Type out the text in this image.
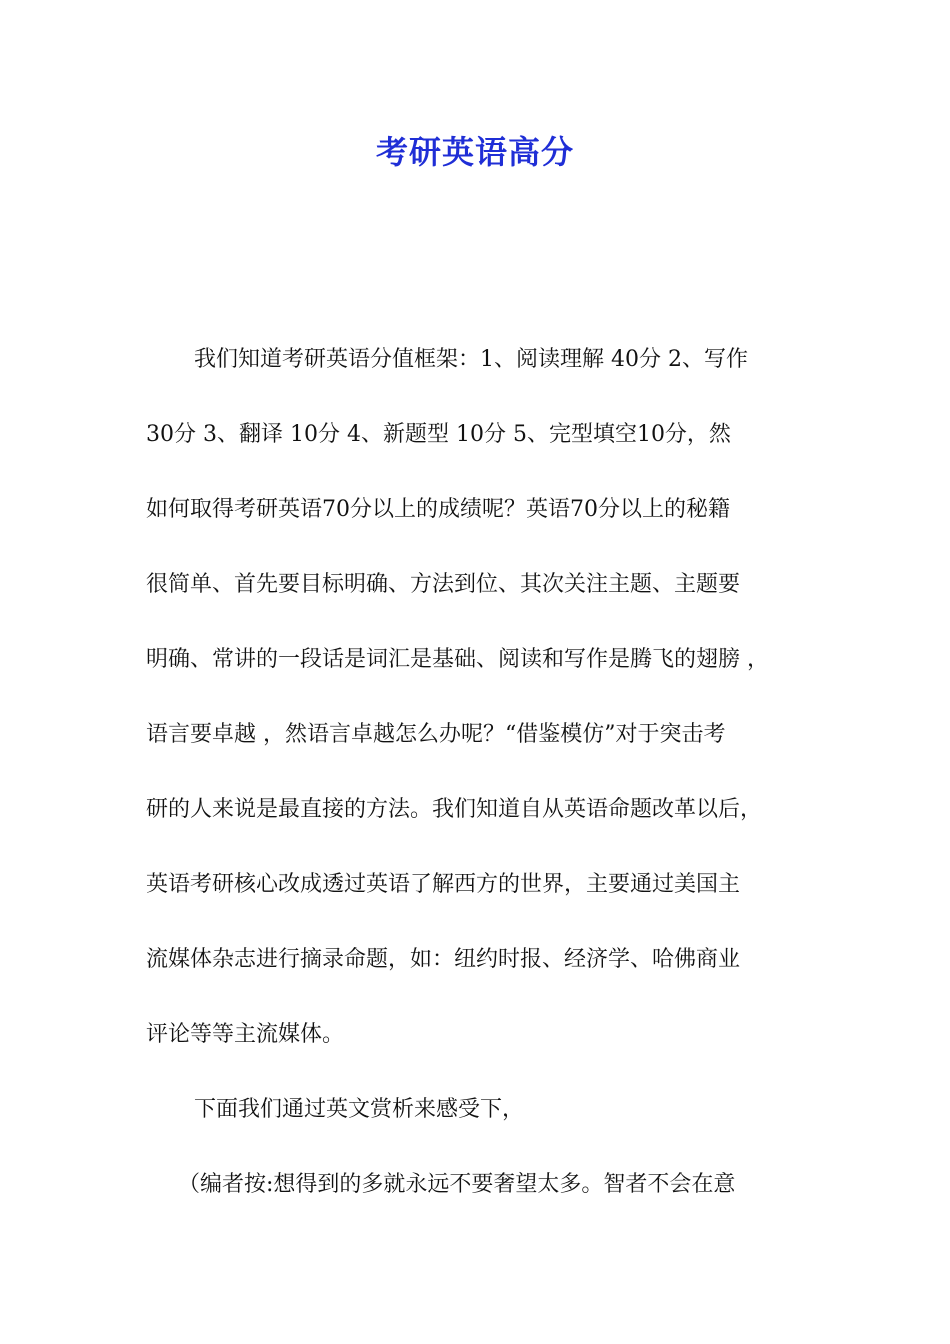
考研英语高分
我们知道考研英语分值框架：1、阅读理解 40分 2、写作
30分 3、翻译 10分 4、新题型 10分 5、完型填空10分，然
如何取得考研英语70分以上的成绩呢？英语70分以上的秘籍
很简单、首先要目标明确、方法到位、其次关注主题、主题要
明确、常讲的一段话是词汇是基础、阅读和写作是腾飞的翅膀 ，
语言要卓越 ，然语言卓越怎么办呢？“借鉴模仿”对于突击考
研的人来说是最直接的方法。我们知道自从英语命题改革以后，
英语考研核心改成透过英语了解西方的世界，主要通过美国主
流媒体杂志进行摘录命题，如：纽约时报、经济学、哈佛商业
评论等等主流媒体。
下面我们通过英文赏析来感受下，
（编者按:想得到的多就永远不要奢望太多。智者不会在意
